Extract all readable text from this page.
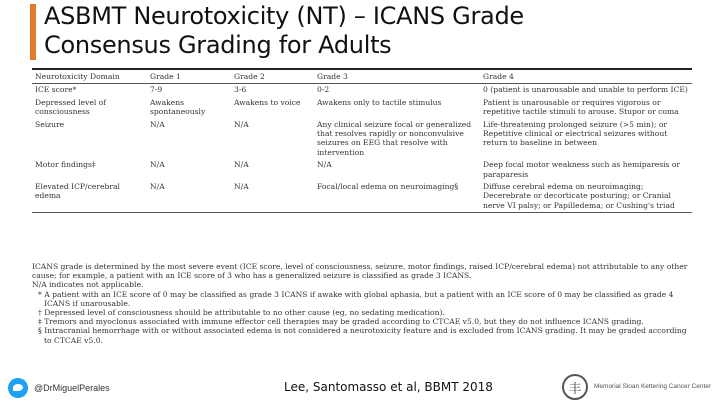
ASBMT Neurotoxicity (NT) – ICANS Grade
Consensus Grading for Adults
Neurotoxicity Domain	Grade 1	Grade 2	Grade 3	Grade 4

ICE score*	7-9	3-6	0-2	0 (patient is unarousable and unable to perform ICE)
Depressed level of consciousness	Awakens spontaneously	Awakens to voice	Awakens only to tactile stimulus	Patient is unarousable or requires vigorous or repetitive tactile stimuli to arouse. Stupor or coma
Seizure	N/A	N/A	Any clinical seizure focal or generalized that resolves rapidly or nonconvulsive seizures on EEG that resolve with intervention	Life-threatening prolonged seizure (>5 min); or Repetitive clinical or electrical seizures without return to baseline in between
Motor findings‡	N/A	N/A	N/A	Deep focal motor weakness such as hemiparesis or paraparesis
Elevated ICP/cerebral edema	N/A	N/A	Focal/local edema on neuroimaging§	Diffuse cerebral edema on neuroimaging; Decerebrate or decorticate posturing; or Cranial nerve VI palsy; or Papilledema; or Cushing's triad

ICANS grade is determined by the most severe event (ICE score, level of consciousness, seizure, motor findings, raised ICP/cerebral edema) not attributable to any other cause; for example, a patient with an ICE score of 3 who has a generalized seizure is classified as grade 3 ICANS.

N/A indicates not applicable.

* A patient with an ICE score of 0 may be classified as grade 3 ICANS if awake with global aphasia, but a patient with an ICE score of 0 may be classified as grade 4 ICANS if unarousable.

† Depressed level of consciousness should be attributable to no other cause (eg, no sedating medication).

‡ Tremors and myoclonus associated with immune effector cell therapies may be graded according to CTCAE v5.0, but they do not influence ICANS grading.

§ Intracranial hemorrhage with or without associated edema is not considered a neurotoxicity feature and is excluded from ICANS grading. It may be graded according to CTCAE v5.0.

@DrMiguelPerales	Lee, Santomasso et al, BBMT 2018	丰	Memorial Sloan Kettering Cancer Center
